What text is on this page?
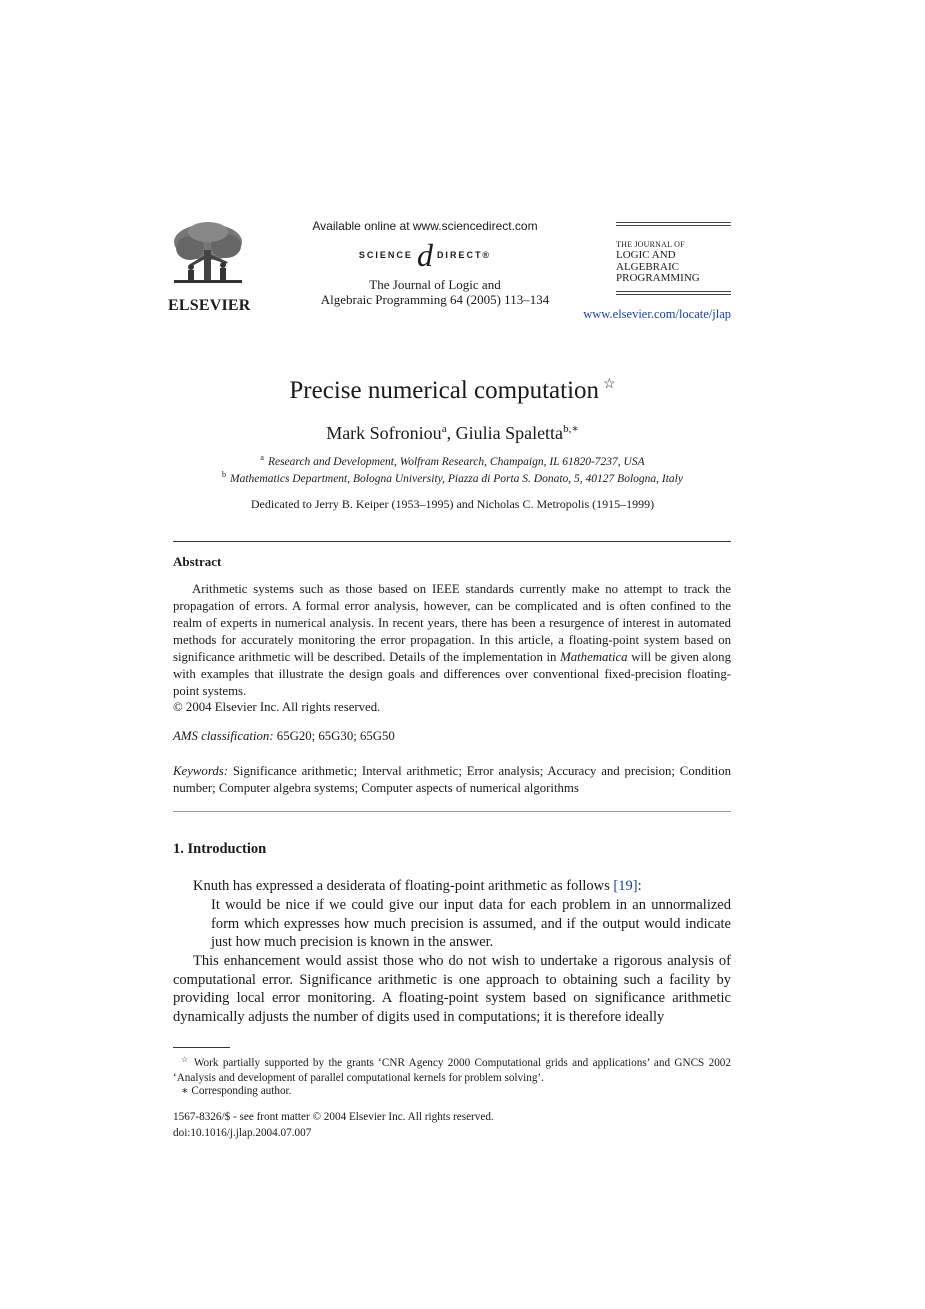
ELSEVIER
Available online at www.sciencedirect.com
SCIENCE d DIRECT®
The Journal of Logic and
Algebraic Programming 64 (2005) 113–134
THE JOURNAL OF
LOGIC AND
ALGEBRAIC
PROGRAMMING
www.elsevier.com/locate/jlap
Precise numerical computation ☆
Mark Sofroniou$^a$, Giulia Spaletta$^{b,∗}$
$^a$ Research and Development, Wolfram Research, Champaign, IL 61820-7237, USA
$^b$ Mathematics Department, Bologna University, Piazza di Porta S. Donato, 5, 40127 Bologna, Italy
Dedicated to Jerry B. Keiper (1953–1995) and Nicholas C. Metropolis (1915–1999)
Abstract
Arithmetic systems such as those based on IEEE standards currently make no attempt to track the propagation of errors. A formal error analysis, however, can be complicated and is often confined to the realm of experts in numerical analysis. In recent years, there has been a resurgence of interest in automated methods for accurately monitoring the error propagation. In this article, a floating-point system based on significance arithmetic will be described. Details of the implementation in Mathematica will be given along with examples that illustrate the design goals and differences over conventional fixed-precision floating-point systems.
© 2004 Elsevier Inc. All rights reserved.
AMS classification: 65G20; 65G30; 65G50
Keywords: Significance arithmetic; Interval arithmetic; Error analysis; Accuracy and precision; Condition number; Computer algebra systems; Computer aspects of numerical algorithms
1. Introduction
Knuth has expressed a desiderata of floating-point arithmetic as follows [19]:
It would be nice if we could give our input data for each problem in an unnormalized form which expresses how much precision is assumed, and if the output would indicate just how much precision is known in the answer.
This enhancement would assist those who do not wish to undertake a rigorous analysis of computational error. Significance arithmetic is one approach to obtaining such a facility by providing local error monitoring. A floating-point system based on significance arithmetic dynamically adjusts the number of digits used in computations; it is therefore ideally
☆ Work partially supported by the grants ‘CNR Agency 2000 Computational grids and applications’ and GNCS 2002 ‘Analysis and development of parallel computational kernels for problem solving’.
∗ Corresponding author.
1567-8326/$ - see front matter © 2004 Elsevier Inc. All rights reserved.
doi:10.1016/j.jlap.2004.07.007
